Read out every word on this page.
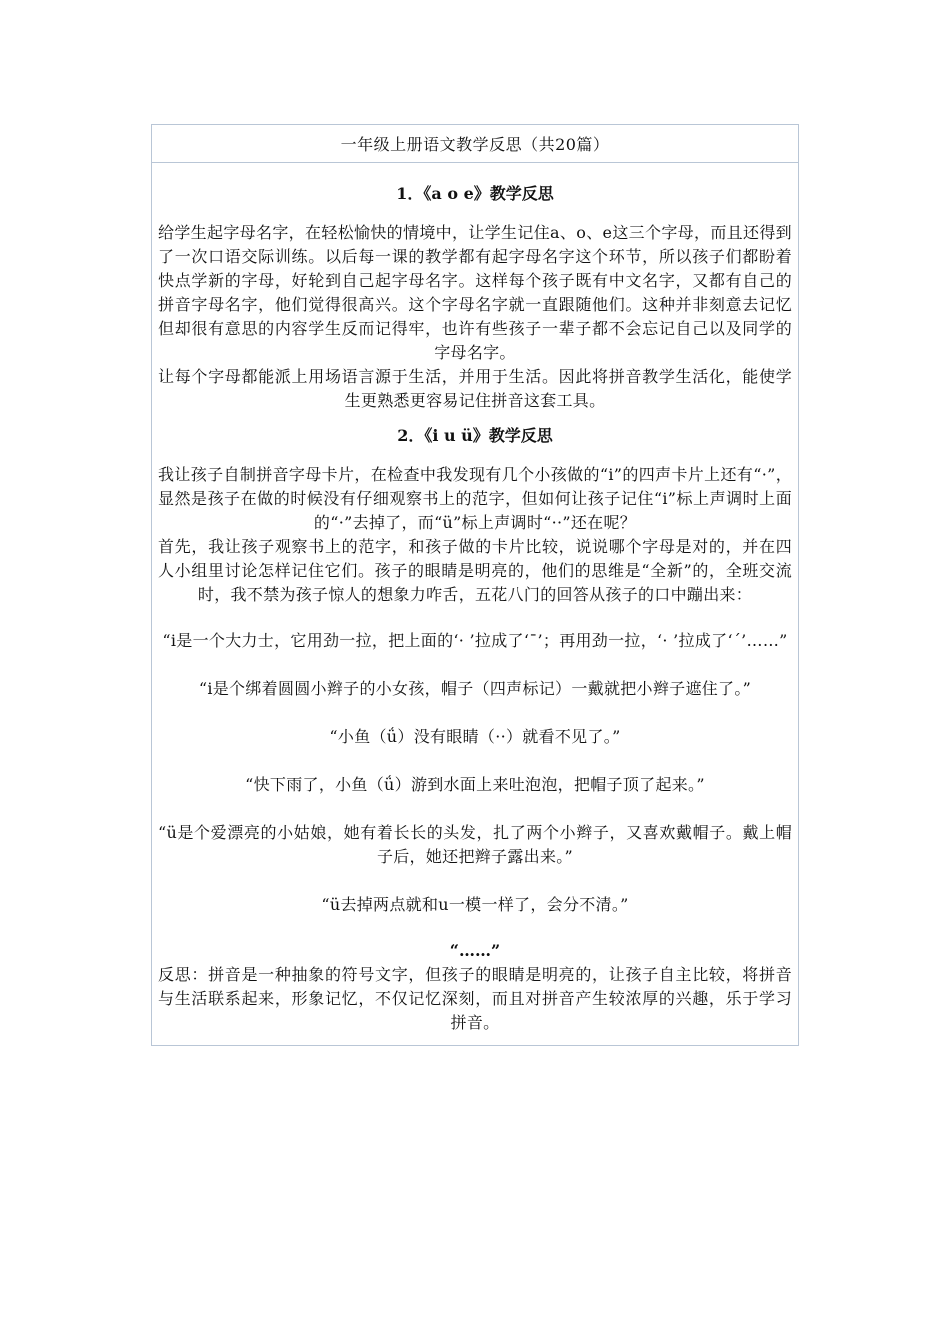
一年级上册语文教学反思（共20篇）
1．《a o e》教学反思

给学生起字母名字，在轻松愉快的情境中，让学生记住a、o、e这三个字母，而且还得到了一次口语交际训练。以后每一课的教学都有起字母名字这个环节，所以孩子们都盼着快点学新的字母，好轮到自己起字母名字。这样每个孩子既有中文名字，又都有自己的拼音字母名字，他们觉得很高兴。这个字母名字就一直跟随他们。这种并非刻意去记忆但却很有意思的内容学生反而记得牢，也许有些孩子一辈子都不会忘记自己以及同学的字母名字。

让每个字母都能派上用场语言源于生活，并用于生活。因此将拼音教学生活化，能使学生更熟悉更容易记住拼音这套工具。

2．《i u ü》教学反思

我让孩子自制拼音字母卡片，在检查中我发现有几个小孩做的“i”的四声卡片上还有“·”，显然是孩子在做的时候没有仔细观察书上的范字，但如何让孩子记住“i”标上声调时上面的“·”去掉了，而“ü”标上声调时“··”还在呢？

首先，我让孩子观察书上的范字，和孩子做的卡片比较，说说哪个字母是对的，并在四人小组里讨论怎样记住它们。孩子的眼睛是明亮的，他们的思维是“全新”的，全班交流时，我不禁为孩子惊人的想象力咋舌，五花八门的回答从孩子的口中蹦出来：

“i是一个大力士，它用劲一拉，把上面的‘· ’拉成了‘ˉ’；再用劲一拉，‘· ’拉成了‘ˊ’……”

“i是个绑着圆圆小辫子的小女孩，帽子（四声标记）一戴就把小辫子遮住了。”

“小鱼（ǘ）没有眼睛（··）就看不见了。”

“快下雨了，小鱼（ǘ）游到水面上来吐泡泡，把帽子顶了起来。”

“ü是个爱漂亮的小姑娘，她有着长长的头发，扎了两个小辫子，又喜欢戴帽子。戴上帽子后，她还把辫子露出来。”

“ü去掉两点就和u一模一样了，会分不清。”

“……”

反思：拼音是一种抽象的符号文字，但孩子的眼睛是明亮的，让孩子自主比较，将拼音与生活联系起来，形象记忆，不仅记忆深刻，而且对拼音产生较浓厚的兴趣，乐于学习拼音。
